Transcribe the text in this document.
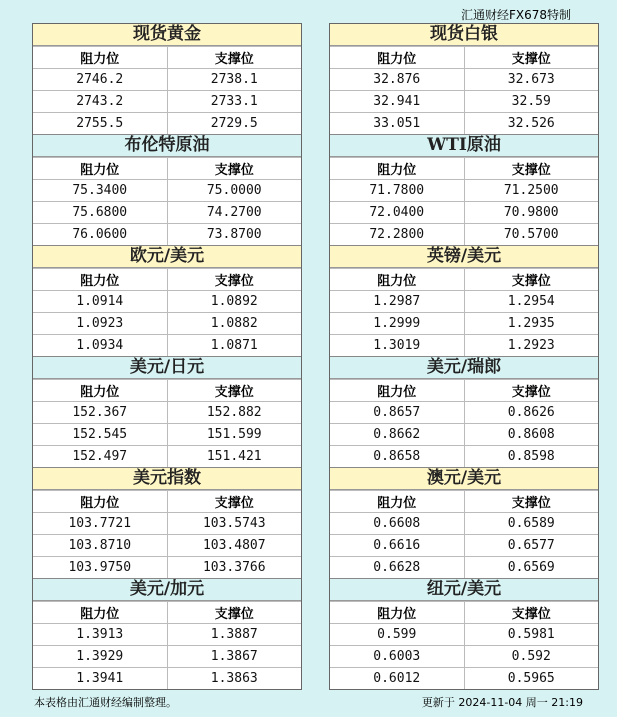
汇通财经FX678特制
现货黄金
阻力位	支撑位
2746.2	2738.1
2743.2	2733.1
2755.5	2729.5
布伦特原油
阻力位	支撑位
75.3400	75.0000
75.6800	74.2700
76.0600	73.8700
欧元/美元
阻力位	支撑位
1.0914	1.0892
1.0923	1.0882
1.0934	1.0871
美元/日元
阻力位	支撑位
152.367	152.882
152.545	151.599
152.497	151.421
美元指数
阻力位	支撑位
103.7721	103.5743
103.8710	103.4807
103.9750	103.3766
美元/加元
阻力位	支撑位
1.3913	1.3887
1.3929	1.3867
1.3941	1.3863
现货白银
阻力位	支撑位
32.876	32.673
32.941	32.59
33.051	32.526
WTI原油
阻力位	支撑位
71.7800	71.2500
72.0400	70.9800
72.2800	70.5700
英镑/美元
阻力位	支撑位
1.2987	1.2954
1.2999	1.2935
1.3019	1.2923
美元/瑞郎
阻力位	支撑位
0.8657	0.8626
0.8662	0.8608
0.8658	0.8598
澳元/美元
阻力位	支撑位
0.6608	0.6589
0.6616	0.6577
0.6628	0.6569
纽元/美元
阻力位	支撑位
0.599	0.5981
0.6003	0.592
0.6012	0.5965
本表格由汇通财经编制整理。	更新于 2024-11-04 周一 21:19
